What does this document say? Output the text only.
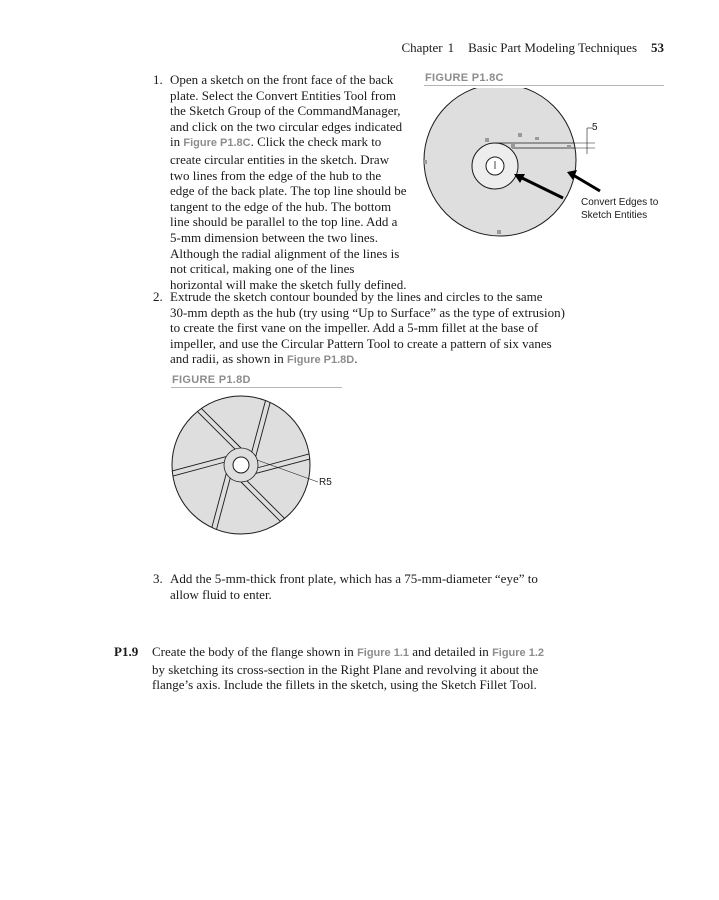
Chapter 1 Basic Part Modeling Techniques 53
1. Open a sketch on the front face of the back
plate. Select the Convert Entities Tool from
the Sketch Group of the CommandManager,
and click on the two circular edges indicated
in Figure P1.8C. Click the check mark to
create circular entities in the sketch. Draw
two lines from the edge of the hub to the
edge of the back plate. The top line should be
tangent to the edge of the hub. The bottom
line should be parallel to the top line. Add a
5-mm dimension between the two lines.
Although the radial alignment of the lines is
not critical, making one of the lines
horizontal will make the sketch fully defined.
FIGURE P1.8C
5
Convert Edges to
Sketch Entities
2. Extrude the sketch contour bounded by the lines and circles to the same
30-mm depth as the hub (try using “Up to Surface” as the type of extrusion)
to create the first vane on the impeller. Add a 5-mm fillet at the base of
impeller, and use the Circular Pattern Tool to create a pattern of six vanes
and radii, as shown in Figure P1.8D.
FIGURE P1.8D
R5
3. Add the 5-mm-thick front plate, which has a 75-mm-diameter “eye” to
allow fluid to enter.
P1.9 Create the body of the flange shown in Figure 1.1 and detailed in Figure 1.2
by sketching its cross-section in the Right Plane and revolving it about the
flange’s axis. Include the fillets in the sketch, using the Sketch Fillet Tool.
